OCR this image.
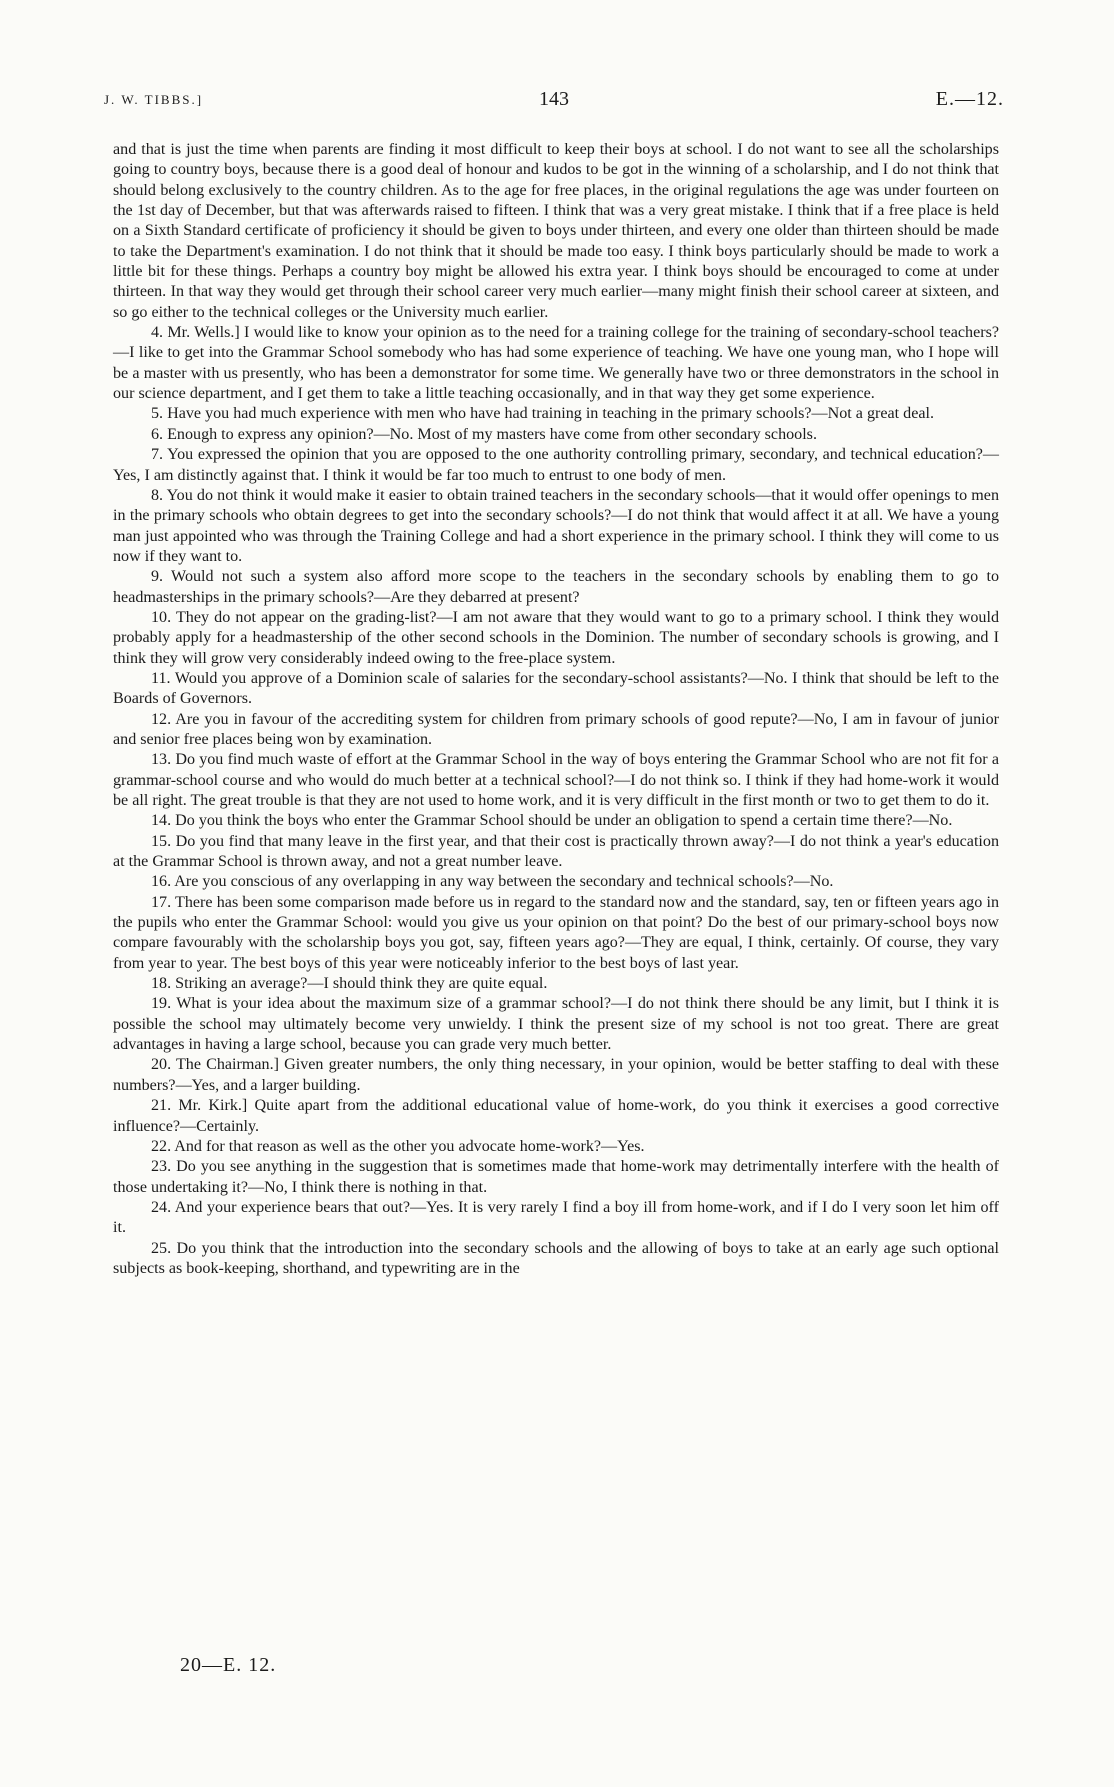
J. W. TIBBS.]	143	E.—12.

and that is just the time when parents are finding it most difficult to keep their boys at school. I do not want to see all the scholarships going to country boys, because there is a good deal of honour and kudos to be got in the winning of a scholarship, and I do not think that should belong exclusively to the country children. As to the age for free places, in the original regulations the age was under fourteen on the 1st day of December, but that was afterwards raised to fifteen. I think that was a very great mistake. I think that if a free place is held on a Sixth Standard certificate of proficiency it should be given to boys under thirteen, and every one older than thirteen should be made to take the Department's examination. I do not think that it should be made too easy. I think boys particularly should be made to work a little bit for these things. Perhaps a country boy might be allowed his extra year. I think boys should be encouraged to come at under thirteen. In that way they would get through their school career very much earlier—many might finish their school career at sixteen, and so go either to the technical colleges or the University much earlier.

4. Mr. Wells.] I would like to know your opinion as to the need for a training college for the training of secondary-school teachers?—I like to get into the Grammar School somebody who has had some experience of teaching. We have one young man, who I hope will be a master with us presently, who has been a demonstrator for some time. We generally have two or three demonstrators in the school in our science department, and I get them to take a little teaching occasionally, and in that way they get some experience.

5. Have you had much experience with men who have had training in teaching in the primary schools?—Not a great deal.

6. Enough to express any opinion?—No. Most of my masters have come from other secondary schools.

7. You expressed the opinion that you are opposed to the one authority controlling primary, secondary, and technical education?—Yes, I am distinctly against that. I think it would be far too much to entrust to one body of men.

8. You do not think it would make it easier to obtain trained teachers in the secondary schools—that it would offer openings to men in the primary schools who obtain degrees to get into the secondary schools?—I do not think that would affect it at all. We have a young man just appointed who was through the Training College and had a short experience in the primary school. I think they will come to us now if they want to.

9. Would not such a system also afford more scope to the teachers in the secondary schools by enabling them to go to headmasterships in the primary schools?—Are they debarred at present?

10. They do not appear on the grading-list?—I am not aware that they would want to go to a primary school. I think they would probably apply for a headmastership of the other second schools in the Dominion. The number of secondary schools is growing, and I think they will grow very considerably indeed owing to the free-place system.

11. Would you approve of a Dominion scale of salaries for the secondary-school assistants?—No. I think that should be left to the Boards of Governors.

12. Are you in favour of the accrediting system for children from primary schools of good repute?—No, I am in favour of junior and senior free places being won by examination.

13. Do you find much waste of effort at the Grammar School in the way of boys entering the Grammar School who are not fit for a grammar-school course and who would do much better at a technical school?—I do not think so. I think if they had home-work it would be all right. The great trouble is that they are not used to home work, and it is very difficult in the first month or two to get them to do it.

14. Do you think the boys who enter the Grammar School should be under an obligation to spend a certain time there?—No.

15. Do you find that many leave in the first year, and that their cost is practically thrown away?—I do not think a year's education at the Grammar School is thrown away, and not a great number leave.

16. Are you conscious of any overlapping in any way between the secondary and technical schools?—No.

17. There has been some comparison made before us in regard to the standard now and the standard, say, ten or fifteen years ago in the pupils who enter the Grammar School: would you give us your opinion on that point? Do the best of our primary-school boys now compare favourably with the scholarship boys you got, say, fifteen years ago?—They are equal, I think, certainly. Of course, they vary from year to year. The best boys of this year were noticeably inferior to the best boys of last year.

18. Striking an average?—I should think they are quite equal.

19. What is your idea about the maximum size of a grammar school?—I do not think there should be any limit, but I think it is possible the school may ultimately become very unwieldy. I think the present size of my school is not too great. There are great advantages in having a large school, because you can grade very much better.

20. The Chairman.] Given greater numbers, the only thing necessary, in your opinion, would be better staffing to deal with these numbers?—Yes, and a larger building.

21. Mr. Kirk.] Quite apart from the additional educational value of home-work, do you think it exercises a good corrective influence?—Certainly.

22. And for that reason as well as the other you advocate home-work?—Yes.

23. Do you see anything in the suggestion that is sometimes made that home-work may detrimentally interfere with the health of those undertaking it?—No, I think there is nothing in that.

24. And your experience bears that out?—Yes. It is very rarely I find a boy ill from home-work, and if I do I very soon let him off it.

25. Do you think that the introduction into the secondary schools and the allowing of boys to take at an early age such optional subjects as book-keeping, shorthand, and typewriting are in the

20—E. 12.
